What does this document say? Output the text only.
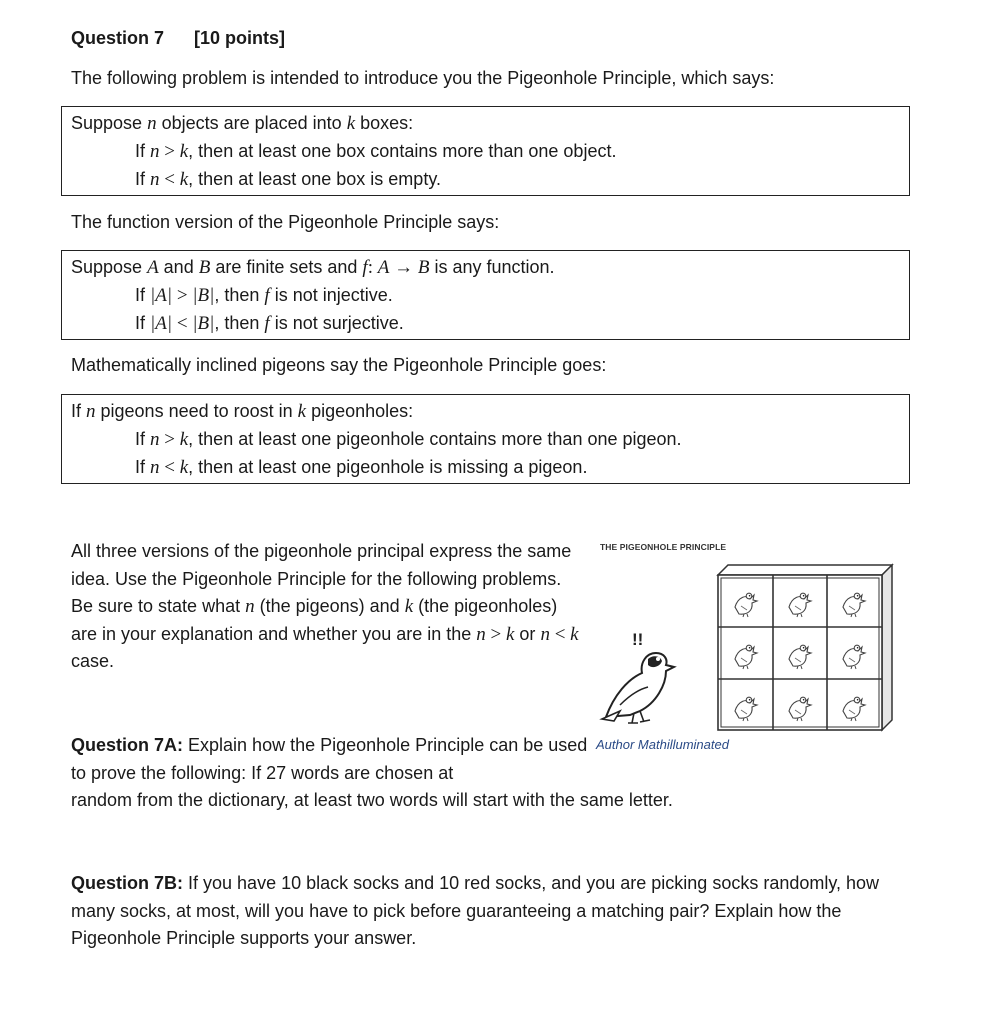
Question 7 [10 points]
The following problem is intended to introduce you the Pigeonhole Principle, which says:
Suppose n objects are placed into k boxes:
If n > k, then at least one box contains more than one object.
If n < k, then at least one box is empty.
The function version of the Pigeonhole Principle says:
Suppose A and B are finite sets and f: A → B is any function.
If |A| > |B|, then f is not injective.
If |A| < |B|, then f is not surjective.
Mathematically inclined pigeons say the Pigeonhole Principle goes:
If n pigeons need to roost in k pigeonholes:
If n > k, then at least one pigeonhole contains more than one pigeon.
If n < k, then at least one pigeonhole is missing a pigeon.
All three versions of the pigeonhole principal express the same idea. Use the Pigeonhole Principle for the following problems. Be sure to state what n (the pigeons) and k (the pigeonholes) are in your explanation and whether you are in the n > k or n < k case.
THE PIGEONHOLE PRINCIPLE
!!
Author Mathilluminated
Question 7A: Explain how the Pigeonhole Principle can be used to prove the following: If 27 words are chosen at
random from the dictionary, at least two words will start with the same letter.
Question 7B: If you have 10 black socks and 10 red socks, and you are picking socks randomly, how many socks, at most, will you have to pick before guaranteeing a matching pair? Explain how the Pigeonhole Principle supports your answer.
